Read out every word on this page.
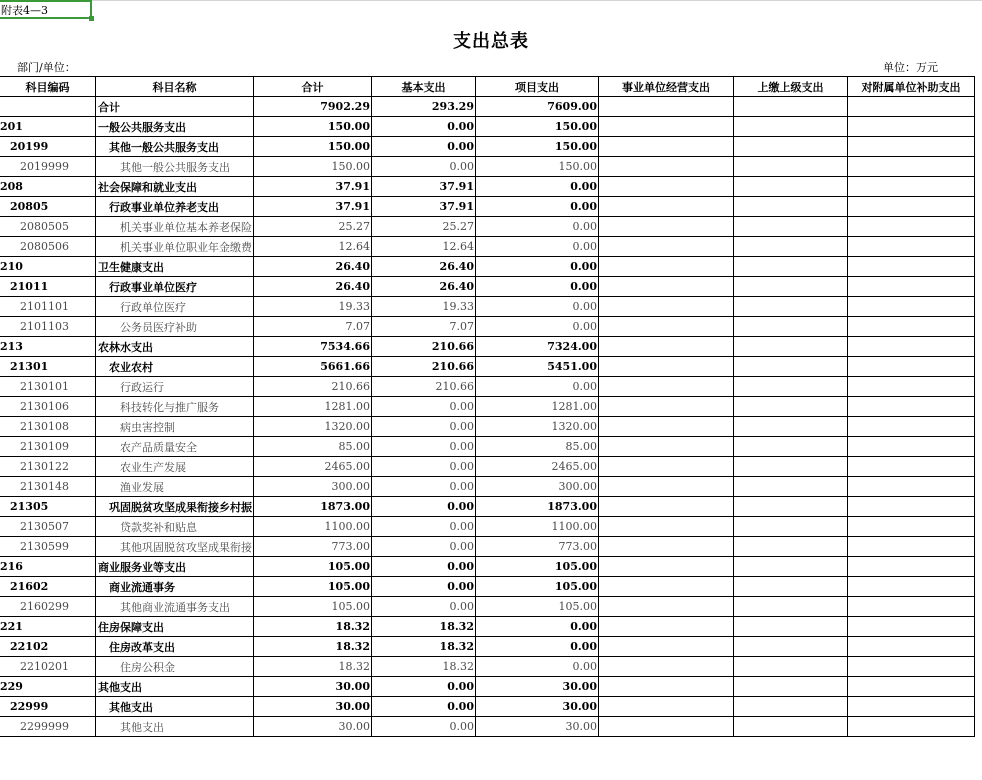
附表4—3
支出总表
部门/单位：	单位：万元
科目编码	科目名称	合计	基本支出	项目支出	事业单位经营支出	上缴上级支出	对附属单位补助支出
	合计	7902.29	293.29	7609.00			
201	一般公共服务支出	150.00	0.00	150.00			
20199	其他一般公共服务支出	150.00	0.00	150.00			
2019999	其他一般公共服务支出	150.00	0.00	150.00			
208	社会保障和就业支出	37.91	37.91	0.00			
20805	行政事业单位养老支出	37.91	37.91	0.00			
2080505	机关事业单位基本养老保险	25.27	25.27	0.00			
2080506	机关事业单位职业年金缴费	12.64	12.64	0.00			
210	卫生健康支出	26.40	26.40	0.00			
21011	行政事业单位医疗	26.40	26.40	0.00			
2101101	行政单位医疗	19.33	19.33	0.00			
2101103	公务员医疗补助	7.07	7.07	0.00			
213	农林水支出	7534.66	210.66	7324.00			
21301	农业农村	5661.66	210.66	5451.00			
2130101	行政运行	210.66	210.66	0.00			
2130106	科技转化与推广服务	1281.00	0.00	1281.00			
2130108	病虫害控制	1320.00	0.00	1320.00			
2130109	农产品质量安全	85.00	0.00	85.00			
2130122	农业生产发展	2465.00	0.00	2465.00			
2130148	渔业发展	300.00	0.00	300.00			
21305	巩固脱贫攻坚成果衔接乡村振	1873.00	0.00	1873.00			
2130507	贷款奖补和贴息	1100.00	0.00	1100.00			
2130599	其他巩固脱贫攻坚成果衔接	773.00	0.00	773.00			
216	商业服务业等支出	105.00	0.00	105.00			
21602	商业流通事务	105.00	0.00	105.00			
2160299	其他商业流通事务支出	105.00	0.00	105.00			
221	住房保障支出	18.32	18.32	0.00			
22102	住房改革支出	18.32	18.32	0.00			
2210201	住房公积金	18.32	18.32	0.00			
229	其他支出	30.00	0.00	30.00			
22999	其他支出	30.00	0.00	30.00			
2299999	其他支出	30.00	0.00	30.00			
